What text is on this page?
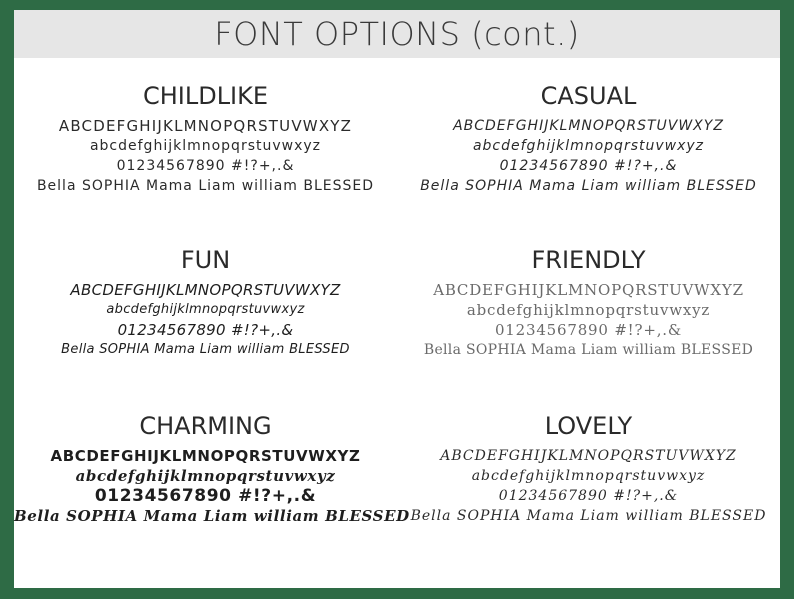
FONT OPTIONS (cont.)
CHILDLIKE
ABCDEFGHIJKLMNOPQRSTUVWXYZ
abcdefghijklmnopqrstuvwxyz
01234567890 #!?+,.&
Bella SOPHIA Mama Liam william BLESSED
CASUAL
ABCDEFGHIJKLMNOPQRSTUVWXYZ
abcdefghijklmnopqrstuvwxyz
01234567890 #!?+,.&
Bella SOPHIA Mama Liam william BLESSED
FUN
ABCDEFGHIJKLMNOPQRSTUVWXYZ
abcdefghijklmnopqrstuvwxyz
01234567890 #!?+,.&
Bella SOPHIA Mama Liam william BLESSED
FRIENDLY
ABCDEFGHIJKLMNOPQRSTUVWXYZ
abcdefghijklmnopqrstuvwxyz
01234567890 #!?+,.&
Bella SOPHIA Mama Liam william BLESSED
CHARMING
ABCDEFGHIJKLMNOPQRSTUVWXYZ
abcdefghijklmnopqrstuvwxyz
01234567890 #!?+,.&
Bella SOPHIA Mama Liam william BLESSED
LOVELY
ABCDEFGHIJKLMNOPQRSTUVWXYZ
abcdefghijklmnopqrstuvwxyz
01234567890 #!?+,.&
Bella SOPHIA Mama Liam william BLESSED
